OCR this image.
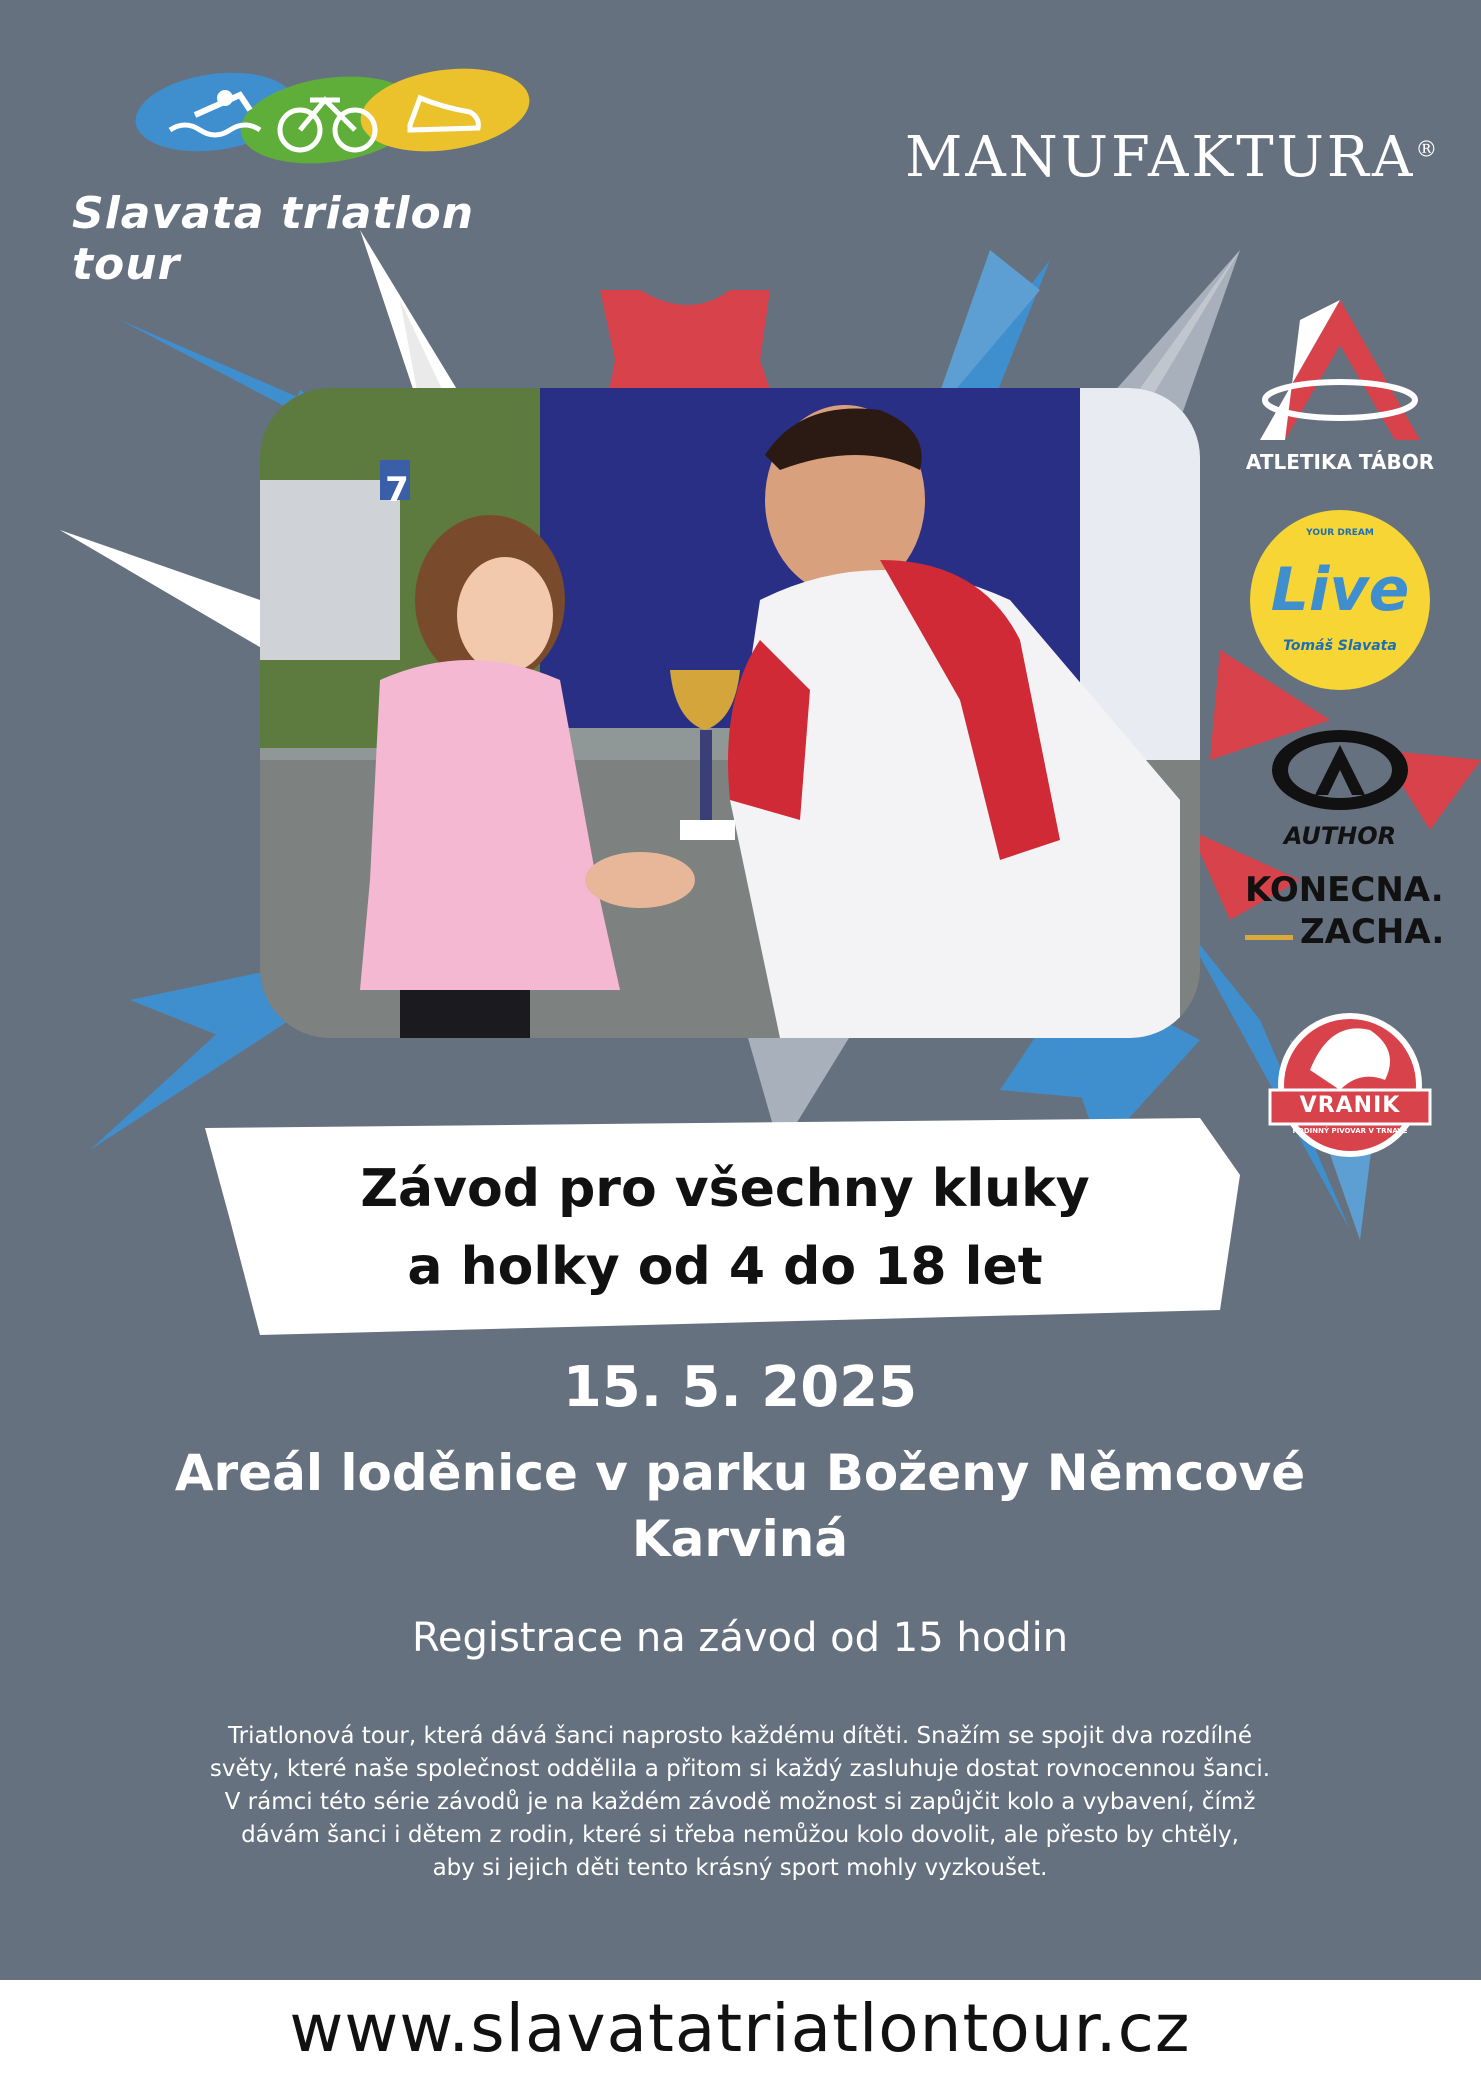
Slavata triatlon tour
MANUFAKTURA®
7
ATLETIKA TÁBOR
YOUR DREAM
Live
Tomáš Slavata
AUTHOR
KONECNA.
ZACHA.
VRANIK
RODINNÝ PIVOVAR V TRNAVĚ
Závod pro všechny kluky
a holky od 4 do 18 let
15. 5. 2025
Areál loděnice v parku Boženy Němcové
Karviná
Registrace na závod od 15 hodin
Triatlonová tour, která dává šanci naprosto každému dítěti. Snažím se spojit dva rozdílné
světy, které naše společnost oddělila a přitom si každý zasluhuje dostat rovnocennou šanci.
V rámci této série závodů je na každém závodě možnost si zapůjčit kolo a vybavení, čímž
dávám šanci i dětem z rodin, které si třeba nemůžou kolo dovolit, ale přesto by chtěly,
aby si jejich děti tento krásný sport mohly vyzkoušet.
www.slavatatriatlontour.cz
